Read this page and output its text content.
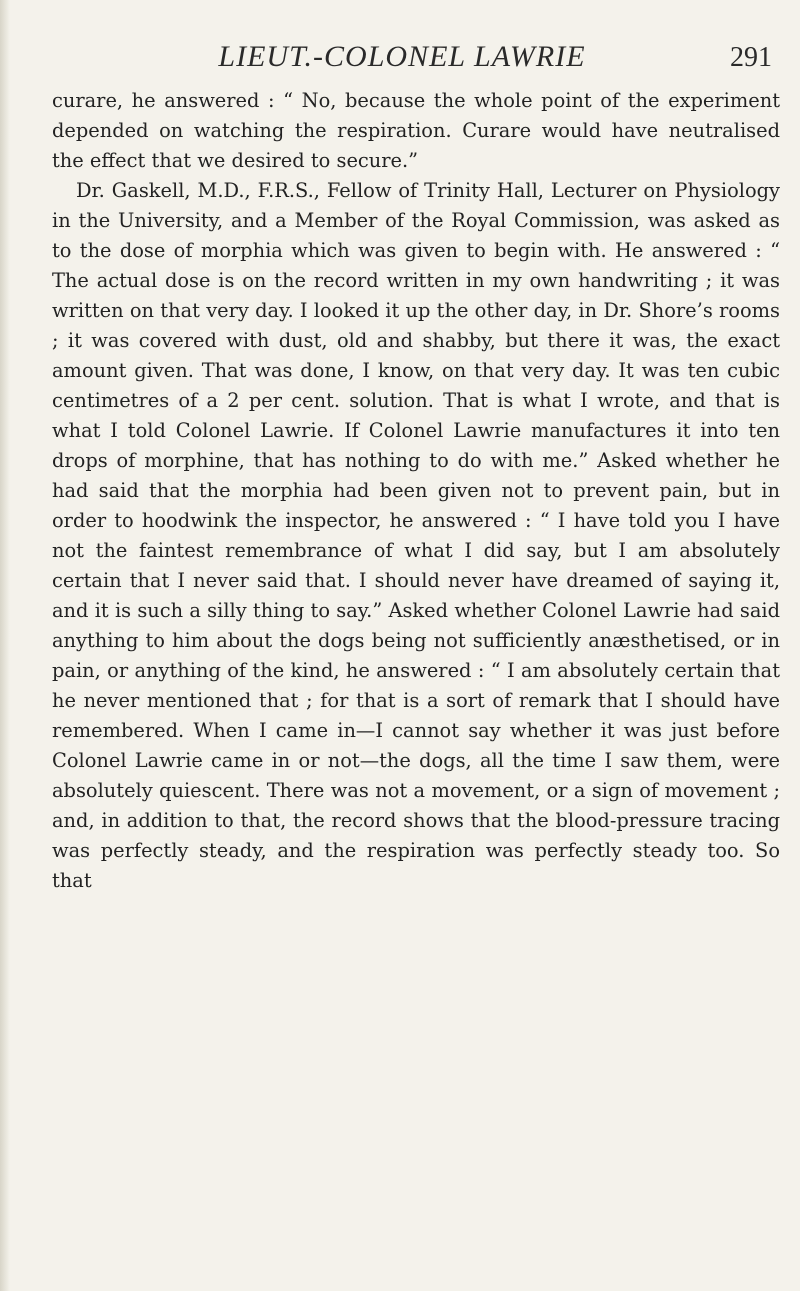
LIEUT.-COLONEL LAWRIE	291

curare, he answered : “ No, because the whole point of the experiment depended on watching the respiration. Curare would have neutralised the effect that we desired to secure.”

Dr. Gaskell, M.D., F.R.S., Fellow of Trinity Hall, Lecturer on Physiology in the University, and a Member of the Royal Commission, was asked as to the dose of morphia which was given to begin with. He answered : “ The actual dose is on the record written in my own handwriting ; it was written on that very day. I looked it up the other day, in Dr. Shore’s rooms ; it was covered with dust, old and shabby, but there it was, the exact amount given. That was done, I know, on that very day. It was ten cubic centimetres of a 2 per cent. solution. That is what I wrote, and that is what I told Colonel Lawrie. If Colonel Lawrie manufactures it into ten drops of morphine, that has nothing to do with me.” Asked whether he had said that the morphia had been given not to prevent pain, but in order to hoodwink the inspector, he answered : “ I have told you I have not the faintest remembrance of what I did say, but I am absolutely certain that I never said that. I should never have dreamed of saying it, and it is such a silly thing to say.” Asked whether Colonel Lawrie had said anything to him about the dogs being not sufficiently anæsthetised, or in pain, or anything of the kind, he answered : “ I am absolutely certain that he never mentioned that ; for that is a sort of remark that I should have remembered. When I came in—I cannot say whether it was just before Colonel Lawrie came in or not—the dogs, all the time I saw them, were absolutely quiescent. There was not a movement, or a sign of movement ; and, in addition to that, the record shows that the blood-pressure tracing was perfectly steady, and the respiration was perfectly steady too. So that
